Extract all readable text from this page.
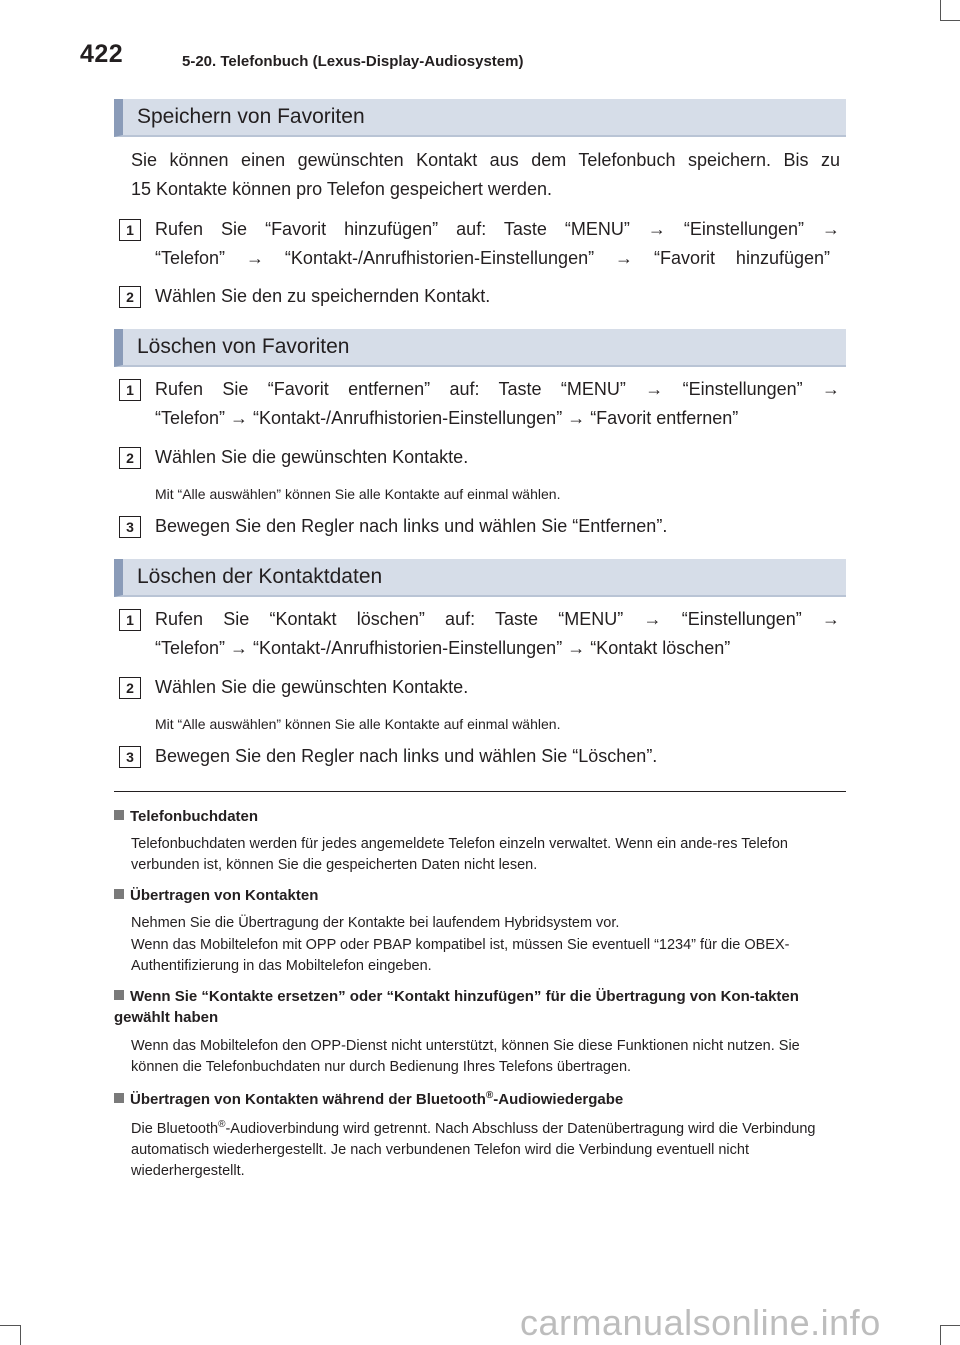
422	5-20. Telefonbuch (Lexus-Display-Audiosystem)
Speichern von Favoriten
Sie können einen gewünschten Kontakt aus dem Telefonbuch speichern. Bis zu
15 Kontakte können pro Telefon gespeichert werden.
1	Rufen Sie “Favorit hinzufügen” auf: Taste “MENU” → “Einstellungen” →
“Telefon” → “Kontakt-/Anrufhistorien-Einstellungen” → “Favorit hinzufügen”
2	Wählen Sie den zu speichernden Kontakt.
Löschen von Favoriten
1	Rufen Sie “Favorit entfernen” auf: Taste “MENU” → “Einstellungen” →
“Telefon” → “Kontakt-/Anrufhistorien-Einstellungen” → “Favorit entfernen”
2	Wählen Sie die gewünschten Kontakte.
Mit “Alle auswählen” können Sie alle Kontakte auf einmal wählen.
3	Bewegen Sie den Regler nach links und wählen Sie “Entfernen”.
Löschen der Kontaktdaten
1	Rufen Sie “Kontakt löschen” auf: Taste “MENU” → “Einstellungen” →
“Telefon” → “Kontakt-/Anrufhistorien-Einstellungen” → “Kontakt löschen”
2	Wählen Sie die gewünschten Kontakte.
Mit “Alle auswählen” können Sie alle Kontakte auf einmal wählen.
3	Bewegen Sie den Regler nach links und wählen Sie “Löschen”.
Telefonbuchdaten
Telefonbuchdaten werden für jedes angemeldete Telefon einzeln verwaltet. Wenn ein ande-res Telefon verbunden ist, können Sie die gespeicherten Daten nicht lesen.
Übertragen von Kontakten
Nehmen Sie die Übertragung der Kontakte bei laufendem Hybridsystem vor.
Wenn das Mobiltelefon mit OPP oder PBAP kompatibel ist, müssen Sie eventuell “1234” für die OBEX-Authentifizierung in das Mobiltelefon eingeben.
Wenn Sie “Kontakte ersetzen” oder “Kontakt hinzufügen” für die Übertragung von Kon-takten gewählt haben
Wenn das Mobiltelefon den OPP-Dienst nicht unterstützt, können Sie diese Funktionen nicht nutzen. Sie können die Telefonbuchdaten nur durch Bedienung Ihres Telefons übertragen.
Übertragen von Kontakten während der Bluetooth®-Audiowiedergabe
Die Bluetooth®-Audioverbindung wird getrennt. Nach Abschluss der Datenübertragung wird die Verbindung automatisch wiederhergestellt. Je nach verbundenen Telefon wird die Verbindung eventuell nicht wiederhergestellt.
carmanualsonline.info
